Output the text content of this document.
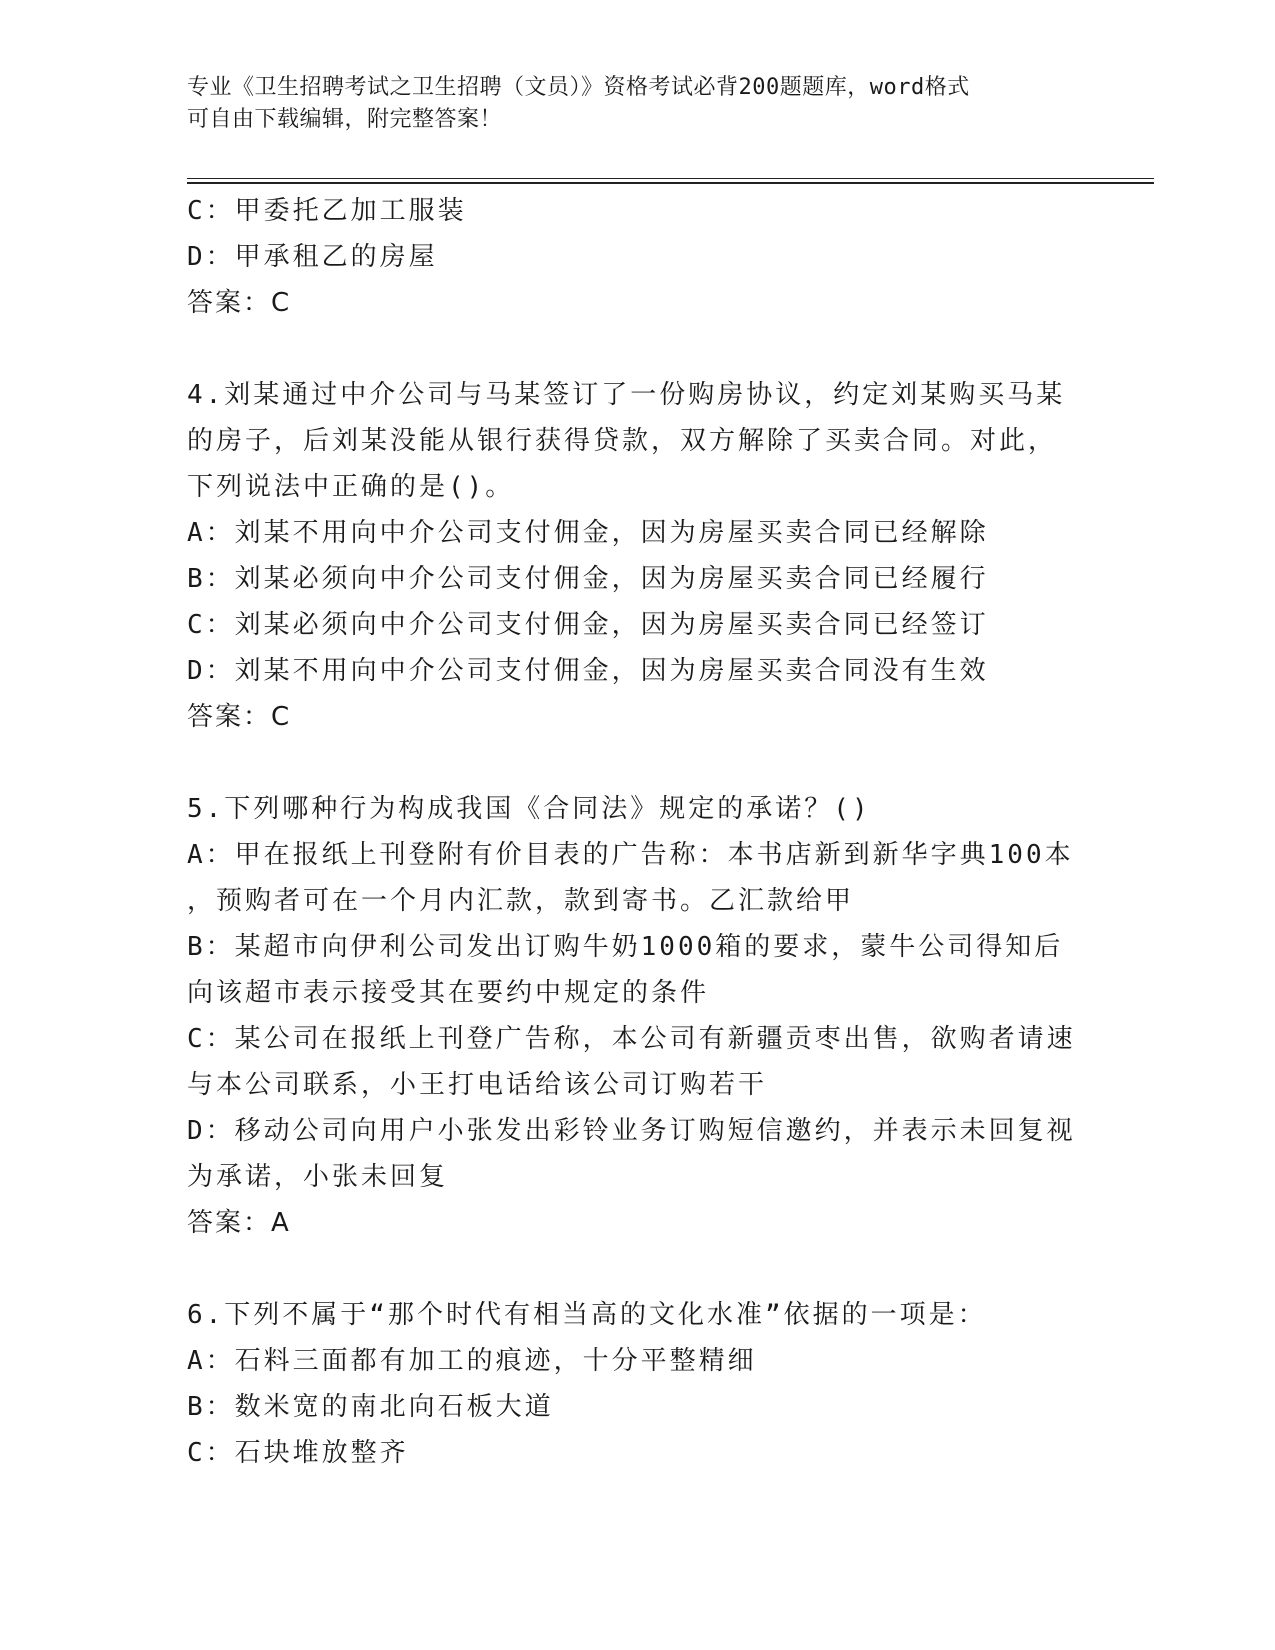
专业《卫生招聘考试之卫生招聘（文员）》资格考试必背200题题库，word格式
可自由下载编辑，附完整答案！
C：甲委托乙加工服装
D：甲承租乙的房屋
答案：C
4.刘某通过中介公司与马某签订了一份购房协议，约定刘某购买马某
的房子，后刘某没能从银行获得贷款，双方解除了买卖合同。对此，
下列说法中正确的是()。
A：刘某不用向中介公司支付佣金，因为房屋买卖合同已经解除
B：刘某必须向中介公司支付佣金，因为房屋买卖合同已经履行
C：刘某必须向中介公司支付佣金，因为房屋买卖合同已经签订
D：刘某不用向中介公司支付佣金，因为房屋买卖合同没有生效
答案：C
5.下列哪种行为构成我国《合同法》规定的承诺？()
A：甲在报纸上刊登附有价目表的广告称：本书店新到新华字典100本
，预购者可在一个月内汇款，款到寄书。乙汇款给甲
B：某超市向伊利公司发出订购牛奶1000箱的要求，蒙牛公司得知后
向该超市表示接受其在要约中规定的条件
C：某公司在报纸上刊登广告称，本公司有新疆贡枣出售，欲购者请速
与本公司联系，小王打电话给该公司订购若干
D：移动公司向用户小张发出彩铃业务订购短信邀约，并表示未回复视
为承诺，小张未回复
答案：A
6.下列不属于“那个时代有相当高的文化水准”依据的一项是：
A：石料三面都有加工的痕迹，十分平整精细
B：数米宽的南北向石板大道
C：石块堆放整齐
